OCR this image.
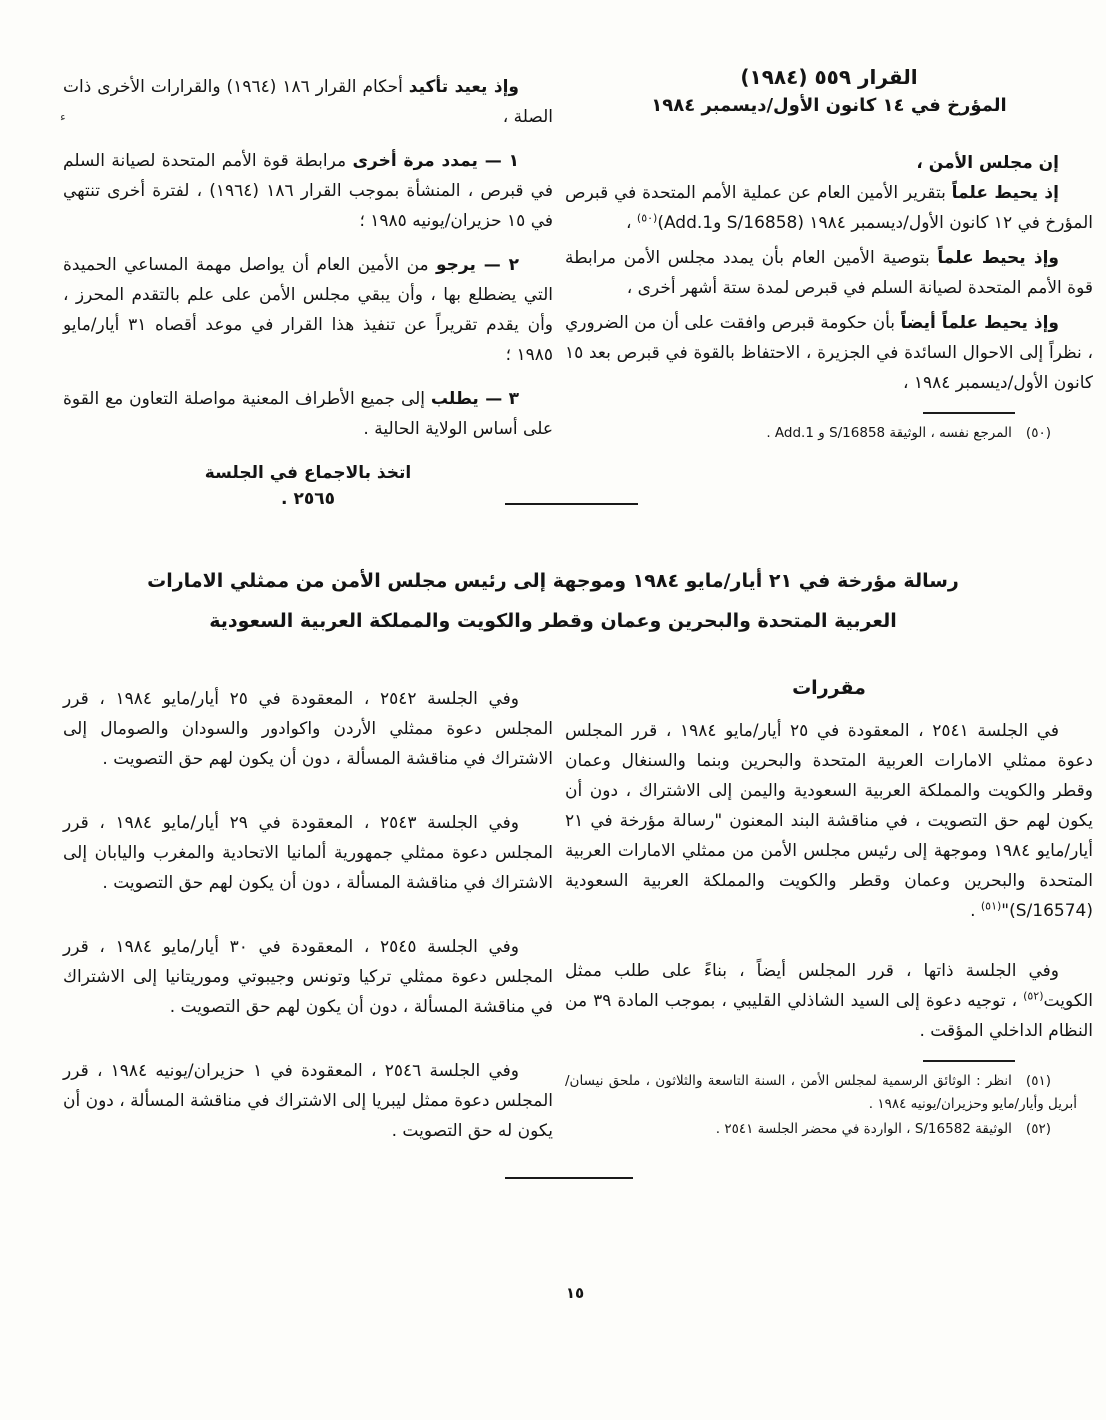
ء
القرار ٥٥٩ (١٩٨٤)
المؤرخ في ١٤ كانون الأول/ديسمبر ١٩٨٤

إن مجلس الأمن ،

إذ يحيط علماً بتقرير الأمين العام عن عملية الأمم المتحدة في قبرص المؤرخ في ١٢ كانون الأول/ديسمبر ١٩٨٤ (S/16858 وAdd.1)$^{(٥٠)}$ ،

وإذ يحيط علماً بتوصية الأمين العام بأن يمدد مجلس الأمن مرابطة قوة الأمم المتحدة لصيانة السلم في قبرص لمدة ستة أشهر أخرى ،

وإذ يحيط علماً أيضاً بأن حكومة قبرص وافقت على أن من الضروري ، نظراً إلى الاحوال السائدة في الجزيرة ، الاحتفاظ بالقوة في قبرص بعد ١٥ كانون الأول/ديسمبر ١٩٨٤ ،

(٥٠)المرجع نفسه ، الوثيقة S/16858 و Add.1 .

وإذ يعيد تأكيد أحكام القرار ١٨٦ (١٩٦٤) والقرارات الأخرى ذات الصلة ،

١ — يمدد مرة أخرى مرابطة قوة الأمم المتحدة لصيانة السلم في قبرص ، المنشأة بموجب القرار ١٨٦ (١٩٦٤) ، لفترة أخرى تنتهي في ١٥ حزيران/يونيه ١٩٨٥ ؛

٢ — يرجو من الأمين العام أن يواصل مهمة المساعي الحميدة التي يضطلع بها ، وأن يبقي مجلس الأمن على علم بالتقدم المحرز ، وأن يقدم تقريراً عن تنفيذ هذا القرار في موعد أقصاه ٣١ أيار/مايو ١٩٨٥ ؛

٣ — يطلب إلى جميع الأطراف المعنية مواصلة التعاون مع القوة على أساس الولاية الحالية .

اتخذ بالاجماع في الجلسة
٢٥٦٥ .
رسالة مؤرخة في ٢١ أيار/مايو ١٩٨٤ وموجهة إلى رئيس مجلس الأمن من ممثلي الامارات العربية المتحدة والبحرين وعمان وقطر والكويت والمملكة العربية السعودية
مقررات

في الجلسة ٢٥٤١ ، المعقودة في ٢٥ أيار/مايو ١٩٨٤ ، قرر المجلس دعوة ممثلي الامارات العربية المتحدة والبحرين وبنما والسنغال وعمان وقطر والكويت والمملكة العربية السعودية واليمن إلى الاشتراك ، دون أن يكون لهم حق التصويت ، في مناقشة البند المعنون "رسالة مؤرخة في ٢١ أيار/مايو ١٩٨٤ وموجهة إلى رئيس مجلس الأمن من ممثلي الامارات العربية المتحدة والبحرين وعمان وقطر والكويت والمملكة العربية السعودية (S/16574)"$^{(٥١)}$ .

وفي الجلسة ذاتها ، قرر المجلس أيضاً ، بناءً على طلب ممثل الكويت$^{(٥٢)}$ ، توجيه دعوة إلى السيد الشاذلي القليبي ، بموجب المادة ٣٩ من النظام الداخلي المؤقت .

(٥١)انظر : الوثائق الرسمية لمجلس الأمن ، السنة التاسعة والثلاثون ، ملحق نيسان/أبريل وأيار/مايو وحزيران/يونيه ١٩٨٤ .

(٥٢)الوثيقة S/16582 ، الواردة في محضر الجلسة ٢٥٤١ .

وفي الجلسة ٢٥٤٢ ، المعقودة في ٢٥ أيار/مايو ١٩٨٤ ، قرر المجلس دعوة ممثلي الأردن واكوادور والسودان والصومال إلى الاشتراك في مناقشة المسألة ، دون أن يكون لهم حق التصويت .

وفي الجلسة ٢٥٤٣ ، المعقودة في ٢٩ أيار/مايو ١٩٨٤ ، قرر المجلس دعوة ممثلي جمهورية ألمانيا الاتحادية والمغرب واليابان إلى الاشتراك في مناقشة المسألة ، دون أن يكون لهم حق التصويت .

وفي الجلسة ٢٥٤٥ ، المعقودة في ٣٠ أيار/مايو ١٩٨٤ ، قرر المجلس دعوة ممثلي تركيا وتونس وجيبوتي وموريتانيا إلى الاشتراك في مناقشة المسألة ، دون أن يكون لهم حق التصويت .

وفي الجلسة ٢٥٤٦ ، المعقودة في ١ حزيران/يونيه ١٩٨٤ ، قرر المجلس دعوة ممثل ليبريا إلى الاشتراك في مناقشة المسألة ، دون أن يكون له حق التصويت .

١٥
